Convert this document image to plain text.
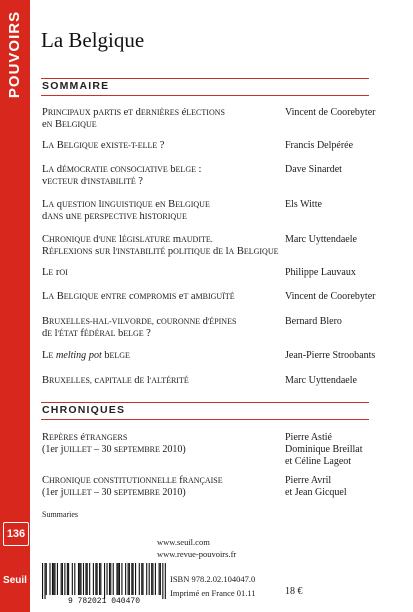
POUVOIRS
136
Seuil
La Belgique
SOMMAIRE
PRINCIPAUX pARTIS eT dERNIÈRES éLECTIONS
eN BELGIQUE
Vincent de Coorebyter
LA BELGIQUE eXISTE-T-ELLE ?	Francis Delpérée
LA dÉMOCRATIE cONSOCIATIVE bELGE :
vECTEUR d'INSTABILITÉ ?
Dave Sinardet
LA qUESTION lINGUISTIQUE eN BELGIQUE
dANS uNE pERSPECTIVE hISTORIQUE
Els Witte
CHRONIQUE d'UNE lÉGISLATURE mAUDITE.
RÉFLEXIONS sUR l'INSTABILITÉ pOLITIQUE dE lA BELGIQUE
Marc Uyttendaele
LE rOI	Philippe Lauvaux
LA BELGIQUE eNTRE cOMPROMIS eT aMBIGUÏTÉ	Vincent de Coorebyter
BRUXELLES-HAL-VILVORDE, cOURONNE d'ÉPINES
dE l'ÉTAT fÉDÉRAL bELGE ?
Bernard Blero
LE melting pot bELGE	Jean-Pierre Stroobants
BRUXELLES, cAPITALE dE l'ALTÉRITÉ	Marc Uyttendaele
CHRONIQUES
REPÈRES éTRANGERS
(1er jUILLET – 30 sEPTEMBRE 2010)
Pierre Astié
Dominique Breillat
et Céline Lageot
CHRONIQUE cONSTITUTIONNELLE fRANÇAISE
(1er jUILLET – 30 sEPTEMBRE 2010)
Pierre Avril
et Jean Gicquel
Summaries
www.seuil.com
www.revue-pouvoirs.fr
9 782021 040470
ISBN 978.2.02.104047.0
Imprimé en France 01.11	18 €
